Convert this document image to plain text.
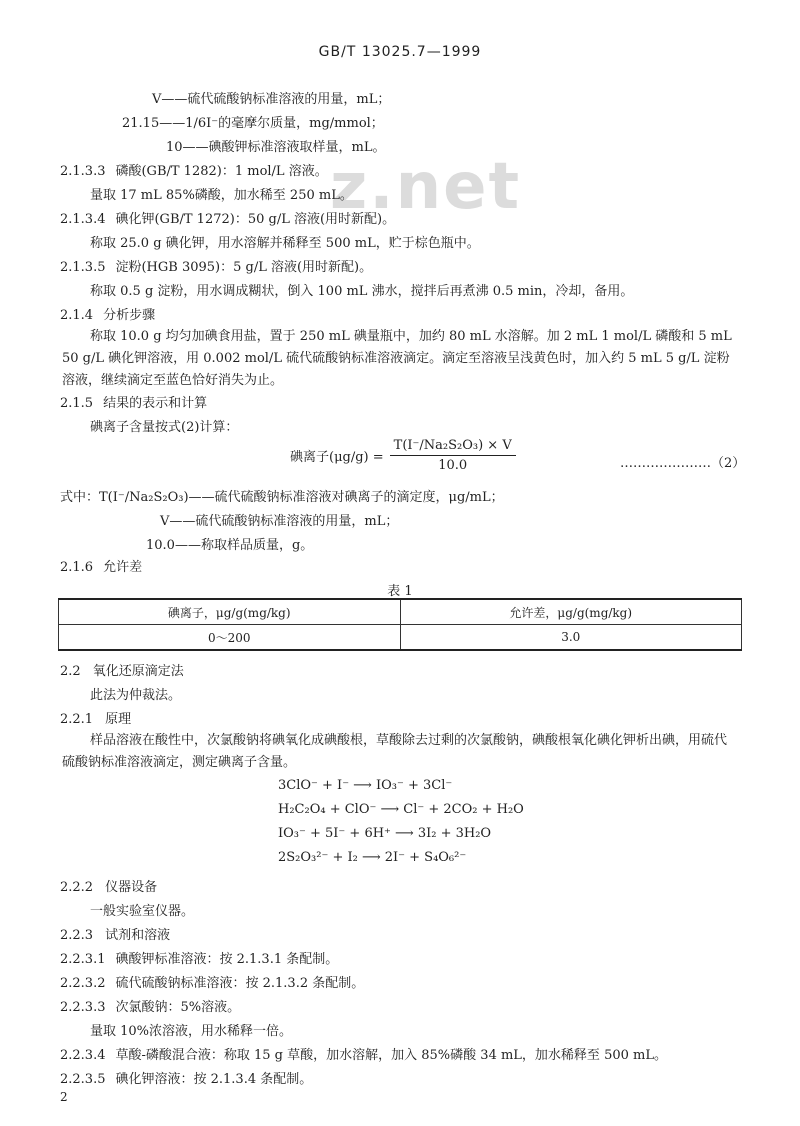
GB/T 13025.7—1999
z.net
V——硫代硫酸钠标准溶液的用量，mL；
21.15——1/6I⁻的毫摩尔质量，mg/mmol；
10——碘酸钾标准溶液取样量，mL。
2.1.3.3 磷酸(GB/T 1282)：1 mol/L 溶液。
量取 17 mL 85%磷酸，加水稀至 250 mL。
2.1.3.4 碘化钾(GB/T 1272)：50 g/L 溶液(用时新配)。
称取 25.0 g 碘化钾，用水溶解并稀释至 500 mL，贮于棕色瓶中。
2.1.3.5 淀粉(HGB 3095)：5 g/L 溶液(用时新配)。
称取 0.5 g 淀粉，用水调成糊状，倒入 100 mL 沸水，搅拌后再煮沸 0.5 min，冷却，备用。
2.1.4 分析步骤
称取 10.0 g 均匀加碘食用盐，置于 250 mL 碘量瓶中，加约 80 mL 水溶解。加 2 mL 1 mol/L 磷酸和 5 mL 50 g/L 碘化钾溶液，用 0.002 mol/L 硫代硫酸钠标准溶液滴定。滴定至溶液呈浅黄色时，加入约 5 mL 5 g/L 淀粉溶液，继续滴定至蓝色恰好消失为止。
2.1.5 结果的表示和计算
碘离子含量按式(2)计算：
碘离子$(\mu g/g) = \frac{\text{T(I⁻/Na₂S₂O₃) × V}}{10.0}$	…………………（2）
式中：T(I⁻/Na₂S₂O₃)——硫代硫酸钠标准溶液对碘离子的滴定度，μg/mL；
V——硫代硫酸钠标准溶液的用量，mL；
10.0——称取样品质量，g。
2.1.6 允许差
表 1
碘离子，μg/g(mg/kg)	允许差，μg/g(mg/kg)
0～200	3.0
2.2 氧化还原滴定法
此法为仲裁法。
2.2.1 原理
样品溶液在酸性中，次氯酸钠将碘氧化成碘酸根，草酸除去过剩的次氯酸钠，碘酸根氧化碘化钾析出碘，用硫代硫酸钠标准溶液滴定，测定碘离子含量。
3ClO⁻ + I⁻ ⟶ IO₃⁻ + 3Cl⁻
H₂C₂O₄ + ClO⁻ ⟶ Cl⁻ + 2CO₂ + H₂O
IO₃⁻ + 5I⁻ + 6H⁺ ⟶ 3I₂ + 3H₂O
2S₂O₃²⁻ + I₂ ⟶ 2I⁻ + S₄O₆²⁻
2.2.2 仪器设备
一般实验室仪器。
2.2.3 试剂和溶液
2.2.3.1 碘酸钾标准溶液：按 2.1.3.1 条配制。
2.2.3.2 硫代硫酸钠标准溶液：按 2.1.3.2 条配制。
2.2.3.3 次氯酸钠：5%溶液。
量取 10%浓溶液，用水稀释一倍。
2.2.3.4 草酸-磷酸混合液：称取 15 g 草酸，加水溶解，加入 85%磷酸 34 mL，加水稀释至 500 mL。
2.2.3.5 碘化钾溶液：按 2.1.3.4 条配制。
2
